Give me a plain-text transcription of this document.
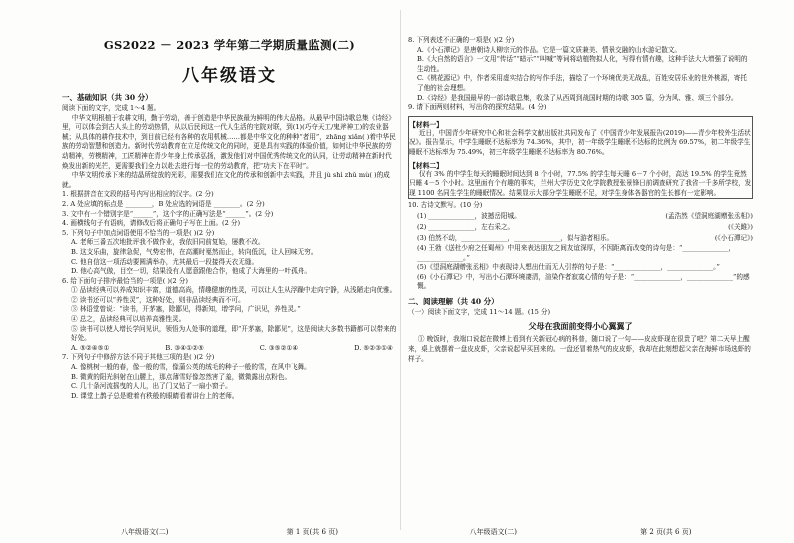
GS2022 － 2023 学年第二学期质量监测(二)
八年级语文
一、基础知识（共 30 分）

阅读下面的文字，完成 1～4 题。

中华文明根植于农耕文明，勤于劳动，善于创造是中华民族最为鲜明的伟大品格。从最早中国诗歌总集《诗经》里，可以体会到古人头上的劳动热情，从以后民间这一代人生活的宅院对联，到(1)(巧夺天工/鬼斧神工)的农业器械；从具体的耕作技术中，到目前已经有各种的农用机械……都是中华文化的种种“者用”，zhāng xiǎn( )着中华民族的劳动智慧和创造力。新时代劳动教育在立足传统文化的同时，更是具有实践的体验价值，如何让中华民族的劳动精神，劳模精神，工匠精神在青少年身上传承弘扬，激发他们对中国优秀传统文化的认同，让劳动精神在新时代焕发出新的光芒，更需要我们全力以赴去进行每一位的劳动教育，把“功夫下在平时”。

中华文明传承下来的结晶所绽放的光彩，需要我们在文化的传承和创新中去实践，并且 jù shì zhǔ mù( )的成就。

1. 根据拼音在文段的括号内写出相应的汉字。(2 分)

2. A 处应填的标点是 ________，B 处应选的词语是 ________。(2 分)

3. 文中有一个错别字是“______”，这个字的正确写法是“______”。(2 分)

4. 画横线句子有语病，请修改后将正确句子写在上面。(2 分)

5. 下列句子中加点词语使用不恰当的一项是( )(2 分)

A. 老师三番五次地批评我不做作业，我依旧同前复始，屡教不改。

B. 这支乐曲，旋律急促，气势宏伟，在高潮时戛然而止，转向低沉，让人回味无穷。

C. 他自信这一项活动要圆满举办，尤其最后一段接得天衣无缝。

D. 他心高气傲，目空一切，结果没有人愿意跟他合作，他成了大海里的一叶孤舟。

6. 给下面句子排序最恰当的一项是( )(2 分)

① 品读经典可以养成知识丰富，道德高尚，情趣健康的性灵，可以让人生从浮躁中走向宁静，从浅陋走向优雅。

② 读书还可以“养性灵”，这种好处，则非品读经典而不可。

③ 林语堂曾说：“读书，开茅塞，除鄙见，得新知，增学问，广识见，养性灵。”

④ 总之，品读经典可以培养高雅性灵。

⑤ 读书可以使人增长学问见识，领悟为人处事的道理，即“开茅塞，除鄙见”，这是阅读大多数书籍都可以带来的好处。

A. ⑤②④⑤①	B. ③④①②⑤	C. ③⑤②①④	D. ⑤②③①④

7. 下列句子中修辞方法不同于其他三项的是( )(2 分)

A. 像桃树一般的春，像一般的雪，像蒲公英的绒毛的种子一般的雪，在风中飞舞。

B. 微黄的阳光斜射在山腰上，那点薄雪好像忽然害了羞，微微露出点粉色。

C. 几十条河流摇曳的人儿，出了门又钻了一扇小窗子。

D. 课堂上鹊子总是瞪着有秩般的眼睛看着讲台上的老师。

八年级语文(二)	第 1 页(共 6 页)

8. 下列表述不正确的一项是( )(2 分)

A.《小石潭记》是唐朝诗人柳宗元的作品。它是一篇文质兼美、情景交融的山水游记散文。

B.《大自然的语言》一文用“传话”“暗示”“叫喊”等词将动植物拟人化，写得有情有趣，这种手法大大增强了说明的生动性。

C.《桃花源记》中，作者采用虚实结合的写作手法，描绘了一个环境优美无战乱，百姓安居乐业的世外桃源，寄托了他的社会理想。

D.《诗经》是我国最早的一部诗歌总集，收录了从西周到战国时期的诗歌 305 篇，分为风、雅、颂三个部分。

9. 请下面两则材料，写出你的探究结果。(4 分)

【材料一】

近日，中国青少年研究中心和社会科学文献出版社共同发布了《中国青少年发展报告(2019)——青少年校外生活状况》。报告显示，中学生睡眠不达标率为 74.36%，其中，初一年级学生睡眠不达标的比例为 69.57%，初二年级学生睡眠不达标率为 75.49%，初三年级学生睡眠不达标率为 80.76%。

【材料二】

仅有 3% 的中学生每天的睡眠时间达到 8 个小时，77.5% 的学生每天睡 6－7 个小时，高达 19.5% 的学生竟然只睡 4－5 个小时。这里面有个有趣的事实，兰州大学历史文化学院教授张景锋日前调查研究了我省一千多所学校，发现 1100 名同生学生的睡眠情况。结果显示大部分学生睡眠不足，对学生身体各器官的生长都有一定影响。

10. 古诗文默写。(10 分)

(1) ______________，波撼岳阳城。	(孟浩然《望洞庭湖赠张丞相》)
(2) ______________，左右采之。	(《关雎》)
(3) 伯然不动，______________，______________，似与游者相乐。	(《小石潭记》)

(4) 王勃《送杜少府之任蜀州》中用来表达朋友之间友谊深厚，不因距离而改变的诗句是：“______________，______________。”

(5)《望洞庭湖赠张丞相》中表现诗人想出仕而无人引荐的句子是：“______________，______________。”

(6)《小石潭记》中，写出小石潭环境凄清，渲染作者寂寞心情的句子是：“______________，______________”的感慨。

二、阅读理解（共 40 分）

（一）阅读下面文字，完成 11～14 题。(15 分)

父母在我面前变得小心翼翼了

① 晚饭时，我端口说起在微博上看到有关新冠心病的科普，随口说了一句——皮皮虾现在很贵了吧？第二天早上醒来，桌上就摆着一盘皮皮虾，父亲说起早买回来的。一盘还冒着热气的皮皮虾，我却在此刻想起父亲在海鲜市场选虾的样子。

八年级语文(二)	第 2 页(共 6 页)
